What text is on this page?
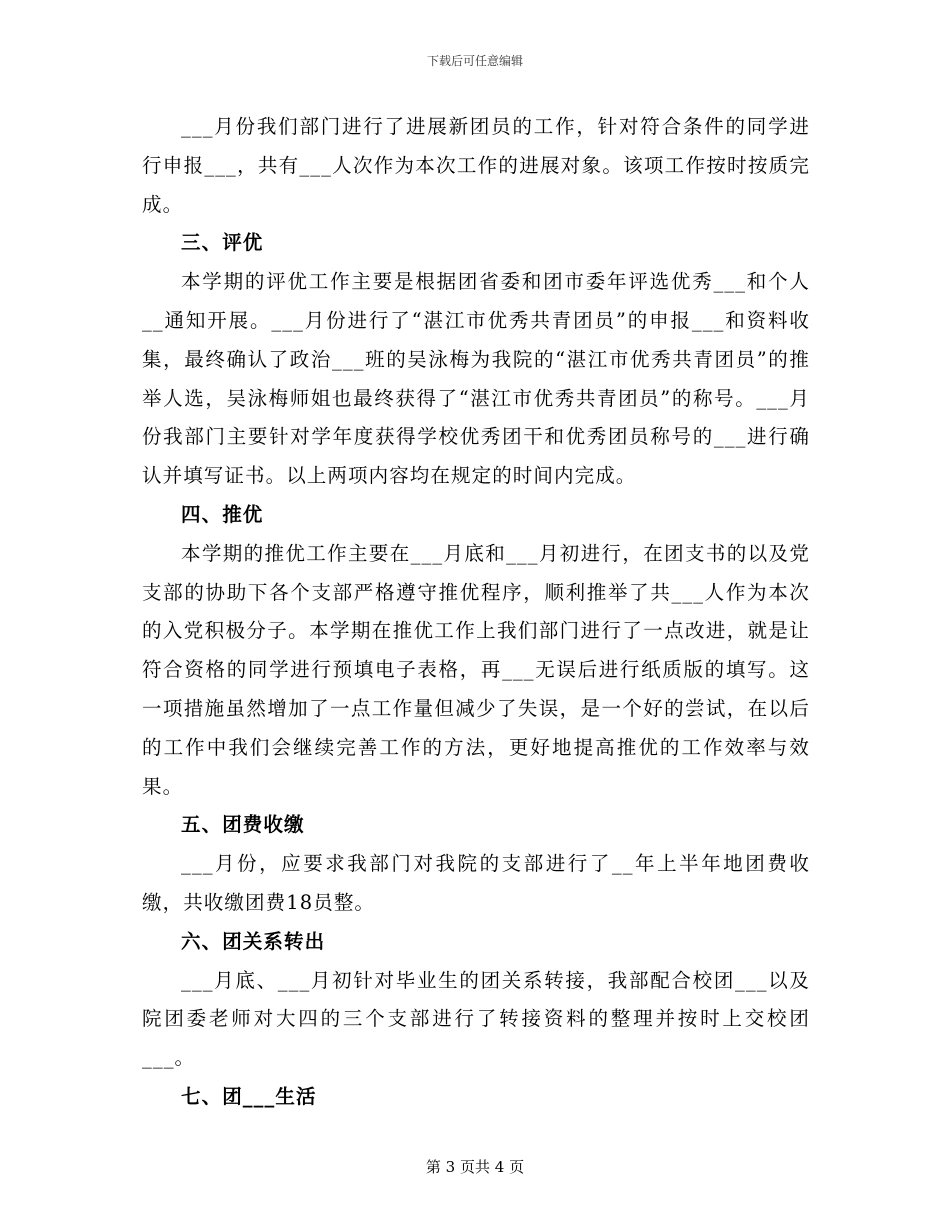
下载后可任意编辑

___月份我们部门进行了进展新团员的工作，针对符合条件的同学进行申报___，共有___人次作为本次工作的进展对象。该项工作按时按质完成。

三、评优

本学期的评优工作主要是根据团省委和团市委年评选优秀___和个人__通知开展。___月份进行了“湛江市优秀共青团员”的申报___和资料收集，最终确认了政治___班的吴泳梅为我院的“湛江市优秀共青团员”的推举人选，吴泳梅师姐也最终获得了“湛江市优秀共青团员”的称号。___月份我部门主要针对学年度获得学校优秀团干和优秀团员称号的___进行确认并填写证书。以上两项内容均在规定的时间内完成。

四、推优

本学期的推优工作主要在___月底和___月初进行，在团支书的以及党支部的协助下各个支部严格遵守推优程序，顺利推举了共___人作为本次的入党积极分子。本学期在推优工作上我们部门进行了一点改进，就是让符合资格的同学进行预填电子表格，再___无误后进行纸质版的填写。这一项措施虽然增加了一点工作量但减少了失误，是一个好的尝试，在以后的工作中我们会继续完善工作的方法，更好地提高推优的工作效率与效果。

五、团费收缴

___月份，应要求我部门对我院的支部进行了__年上半年地团费收缴，共收缴团费18员整。

六、团关系转出

___月底、___月初针对毕业生的团关系转接，我部配合校团___以及院团委老师对大四的三个支部进行了转接资料的整理并按时上交校团___。

七、团___生活

第 3 页共 4 页
